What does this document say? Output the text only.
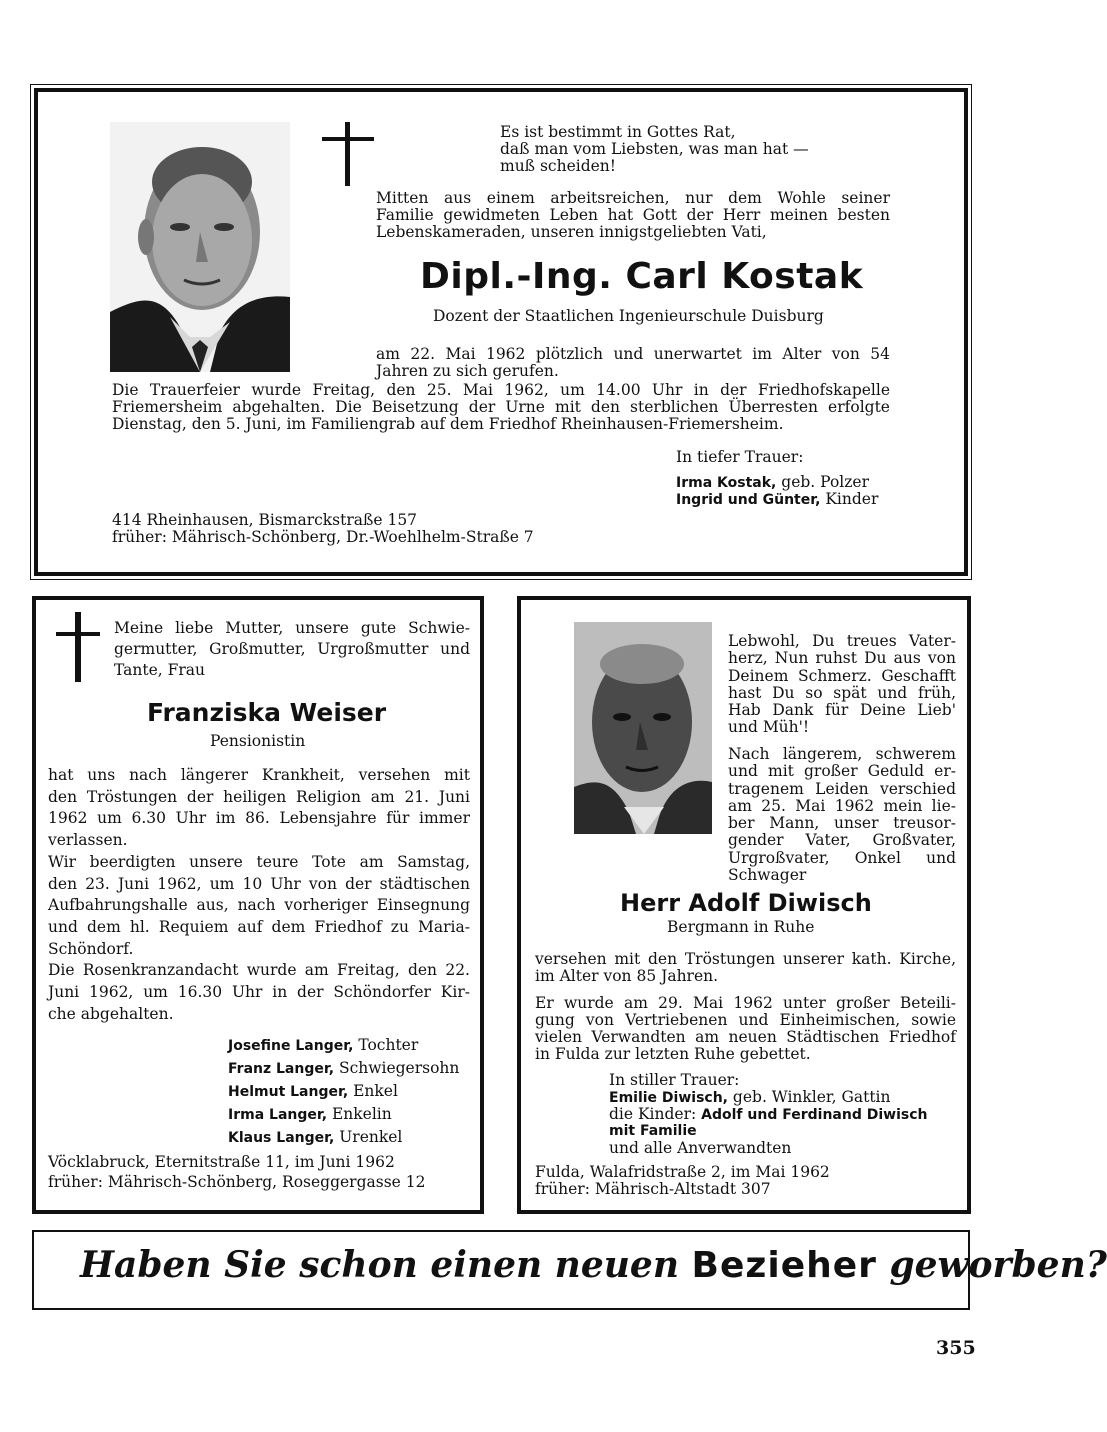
Es ist bestimmt in Gottes Rat,
daß man vom Liebsten, was man hat —
muß scheiden!
Mitten aus einem arbeitsreichen, nur dem Wohle seiner
Familie gewidmeten Leben hat Gott der Herr meinen besten
Lebenskameraden, unseren innigstgeliebten Vati,
Dipl.-Ing. Carl Kostak
Dozent der Staatlichen Ingenieurschule Duisburg
am 22. Mai 1962 plötzlich und unerwartet im Alter von 54
Jahren zu sich gerufen.
Die Trauerfeier wurde Freitag, den 25. Mai 1962, um 14.00 Uhr in der Friedhofskapelle
Friemersheim abgehalten. Die Beisetzung der Urne mit den sterblichen Überresten erfolgte
Dienstag, den 5. Juni, im Familiengrab auf dem Friedhof Rheinhausen-Friemersheim.
In tiefer Trauer:
Irma Kostak, geb. Polzer
Ingrid und Günter, Kinder
414 Rheinhausen, Bismarckstraße 157
früher: Mährisch-Schönberg, Dr.-Woehlhelm-Straße 7
Meine liebe Mutter, unsere gute Schwie-
germutter, Großmutter, Urgroßmutter und
Tante, Frau
Franziska Weiser
Pensionistin
hat uns nach längerer Krankheit, versehen mit
den Tröstungen der heiligen Religion am 21. Juni
1962 um 6.30 Uhr im 86. Lebensjahre für immer
verlassen.
Wir beerdigten unsere teure Tote am Samstag,
den 23. Juni 1962, um 10 Uhr von der städtischen
Aufbahrungshalle aus, nach vorheriger Einsegnung
und dem hl. Requiem auf dem Friedhof zu Maria-
Schöndorf.
Die Rosenkranzandacht wurde am Freitag, den 22.
Juni 1962, um 16.30 Uhr in der Schöndorfer Kir-
che abgehalten.
Josefine Langer, Tochter
Franz Langer, Schwiegersohn
Helmut Langer, Enkel
Irma Langer, Enkelin
Klaus Langer, Urenkel
Vöcklabruck, Eternitstraße 11, im Juni 1962
früher: Mährisch-Schönberg, Roseggergasse 12
Lebwohl, Du treues Vater-
herz, Nun ruhst Du aus von
Deinem Schmerz. Geschafft
hast Du so spät und früh,
Hab Dank für Deine Lieb'
und Müh'!
Nach längerem, schwerem
und mit großer Geduld er-
tragenem Leiden verschied
am 25. Mai 1962 mein lie-
ber Mann, unser treusor-
gender Vater, Großvater,
Urgroßvater, Onkel und
Schwager
Herr Adolf Diwisch
Bergmann in Ruhe
versehen mit den Tröstungen unserer kath. Kirche,
im Alter von 85 Jahren.
Er wurde am 29. Mai 1962 unter großer Beteili-
gung von Vertriebenen und Einheimischen, sowie
vielen Verwandten am neuen Städtischen Friedhof
in Fulda zur letzten Ruhe gebettet.
In stiller Trauer:
Emilie Diwisch, geb. Winkler, Gattin
die Kinder: Adolf und Ferdinand Diwisch
mit Familie
und alle Anverwandten
Fulda, Walafridstraße 2, im Mai 1962
früher: Mährisch-Altstadt 307
Haben Sie schon einen neuen Bezieher geworben?
355
